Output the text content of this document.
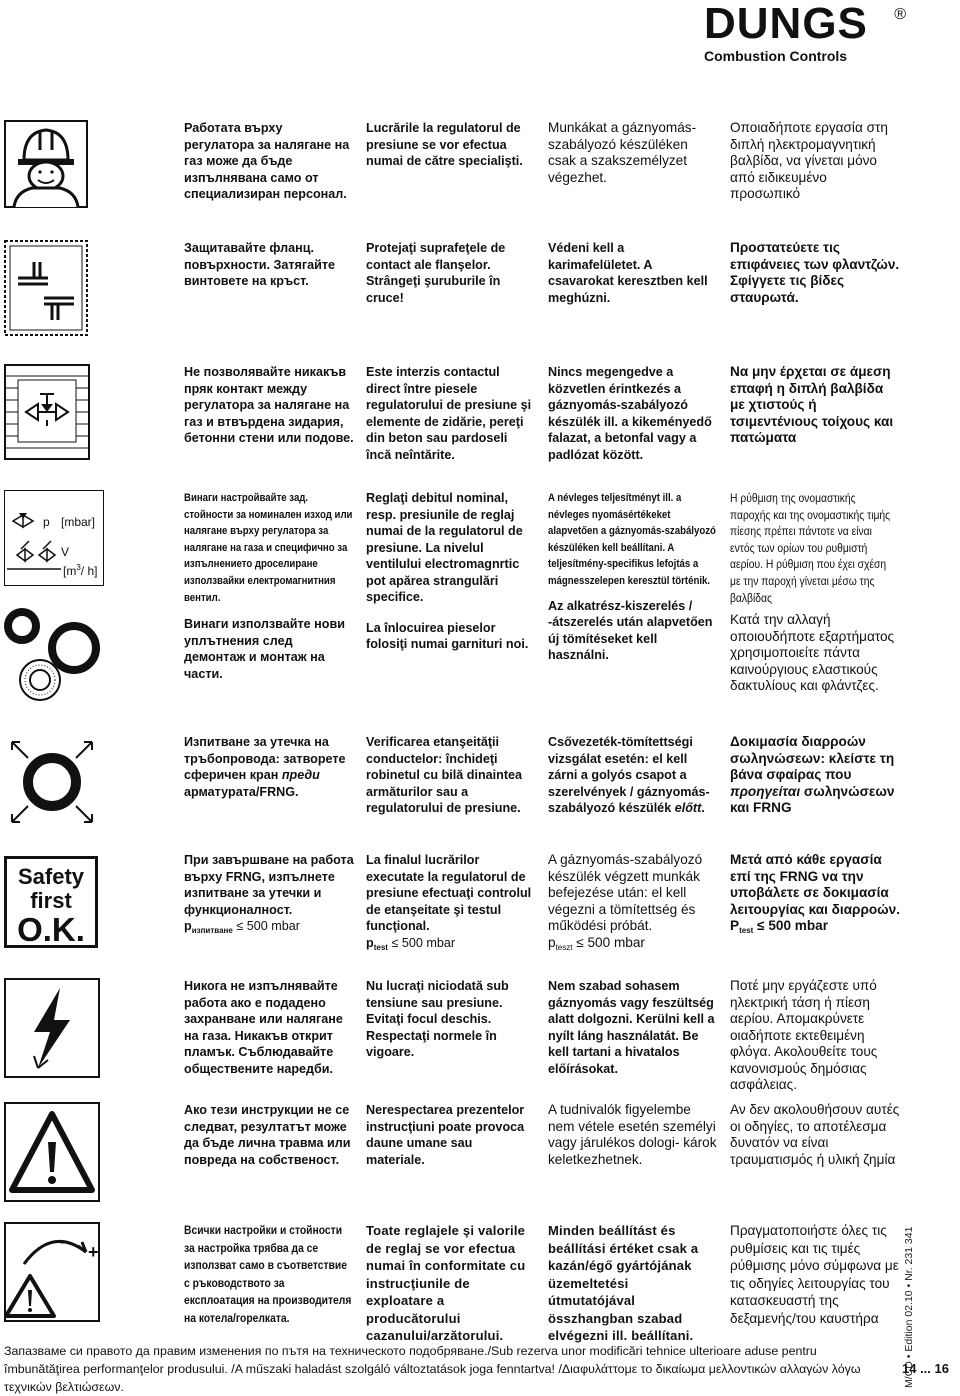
DUNGS	®
Combustion Controls

Работата върху регулатора за налягане на газ може да бъде изпълнявана само от специализиран персонал.

Lucrările la regulatorul de presiune se vor efectua numai de către specialişti.

Munkákat a gáznyomás-szabályozó készüléken csak a szakszemélyzet végezhet.

Οποιαδήποτε εργασία στη διπλή ηλεκτρομαγνητική βαλβίδα, να γίνεται μόνο από ειδικευμένο προσωπικό

Защитавайте фланц. повърхности. Затягайте винтовете на кръст.

Protejaţi suprafeţele de contact ale flanşelor. Strângeţi şuruburile în cruce!

Védeni kell a karimafelületet. A csavarokat keresztben kell meghúzni.

Προστατεύετε τις επιφάνειες των φλαντζών. Σφίγγετε τις βίδες σταυρωτά.

Не позволявайте никакъв пряк контакт между регулатора за налягане на газ и втвърдена зидария, бетонни стени или подове.

Este interzis contactul direct între piesele regulatorului de presiune şi elemente de zidărie, pereţi din beton sau pardoseli încă neîntărite.

Nincs megengedve a közvetlen érintkezés a gáznyomás-szabályozó készülék ill. a kikeményedő falazat, a betonfal vagy a padlózat között.

Να μην έρχεται σε άμεση επαφή η διπλή βαλβίδα με χτιστούς ή τσιμεντένιους τοίχους και πατώματα

p [mbar]
V
[$m^3/$ h]

Винаги настройвайте зад. стойности за номинален изход или налягане върху регулатора за налягане на газа и специфично за изпълнението дроселиране използвайки електромагнитния вентил.

Винаги използвайте нови уплътнения след демонтаж и монтаж на части.

Reglaţi debitul nominal, resp. presiunile de reglaj numai de la regulatorul de presiune. La nivelul ventilului electromagnrtic pot apărea strangulări specifice.

La înlocuirea pieselor folosiţi numai garnituri noi.

A névleges teljesítményt ill. a névleges nyomásértékeket alapvetően a gáznyomás-szabályozó készüléken kell beállítani. A teljesítmény-specifikus lefojtás a mágnesszelepen keresztül történik.

Az alkatrész-kiszerelés / -átszerelés után alapvetően új tömítéseket kell használni.

Η ρύθμιση της ονομαστικής παροχής και της ονομαστικής τιμής πίεσης πρέπει πάντοτε να είναι εντός των ορίων του ρυθμιστή αερίου. Η ρύθμιση που έχει σχέση με την παροχή γίνεται μέσω της βαλβίδας

Κατά την αλλαγή οποιουδήποτε εξαρτήματος χρησιμοποιείτε πάντα καινούργιους ελαστικούς δακτυλίους και φλάντζες.

Изпитване за утечка на тръбопровода: затворете сферичен кран преди арматурата/FRNG.

Verificarea etanşeităţii conductelor: închideţi robinetul cu bilă dinaintea armăturilor sau a regulatorului de presiune.

Csővezeték-tömítettségi vizsgálat esetén: el kell zárni a golyós csapot a szerelvények / gáznyomás-szabályozó készülék előtt.

Δοκιμασία διαρροών σωληνώσεων: κλείστε τη βάνα σφαίρας που προηγείται σωληνώσεων και FRNG

Safety
first
O.K.

При завършване на работа върху FRNG, изпълнете изпитване за утечки и функционалност.

$p_{изпитване} \le 500$ mbar

La finalul lucrărilor executate la regulatorul de presiune efectuaţi controlul de etanşeitate şi testul funcţional.

$p_{test} \le 500$ mbar

A gáznyomás-szabályozó készülék végzett munkák befejezése után: el kell végezni a tömítettség és működési próbát.

$p_{teszt} \le 500$ mbar

Μετά από κάθε εργασία επί της FRNG να την υποβάλετε σε δοκιμασία λειτουργίας και διαρροών.

$P_{test} \le 500$ mbar

Никога не изпълнявайте работа ако е подадено захранване или налягане на газа. Никакъв открит пламък. Съблюдавайте обществените наредби.

Nu lucraţi niciodată sub tensiune sau presiune. Evitaţi focul deschis. Respectaţi normele în vigoare.

Nem szabad sohasem gáznyomás vagy feszültség alatt dolgozni. Kerülni kell a nyílt láng használatát. Be kell tartani a hivatalos előírásokat.

Ποτέ μην εργάζεστε υπό ηλεκτρική τάση ή πίεση αερίου. Απομακρύνετε οιαδήποτε εκτεθειμένη φλόγα. Ακολουθείτε τους κανονισμούς δημόσιας ασφάλειας.

Ако тези инструкции не се следват, резултатът може да бъде лична травма или повреда на собственост.

Nerespectarea prezentelor instrucţiuni poate provoca daune umane sau materiale.

A tudnivalók figyelembe nem vétele esetén személyi vagy járulékos dologi- károk keletkezhetnek.

Αν δεν ακολουθήσουν αυτές οι οδηγίες, το αποτέλεσμα δυνατόν να είναι τραυματισμός ή υλική ζημία

– +

Всички настройки и стойности за настройка трябва да се използват само в съответствие с ръководството за експлоатация на производителя на котела/горелката.

Toate reglajele şi valorile de reglaj se vor efectua numai în conformitate cu instrucţiunile de exploatare a producătorului cazanului/arzătorului.

Minden beállítást és beállítási értéket csak a kazán/égő gyártójának üzemeltetési útmutatójával összhangban szabad elvégezni ill. beállítani.

Πραγματοποιήστε όλες τις ρυθμίσεις και τις τιμές ρύθμισης μόνο σύμφωνα με τις οδηγίες λειτουργίας του κατασκευαστή της δεξαμενής/του καυστήρα

Запазваме си правото да правим изменения по пътя на техническото подобряване./Sub rezerva unor modificări tehnice ulterioare aduse pentru îmbunătăţirea performanţelor produsului. /A műszaki haladást szolgáló változtatások joga fenntartva! /Διαφυλάττομε το δικαίωμα μελλοντικών αλλαγών λόγω τεχνικών βελτιώσεων.	M/CD • Edition 02.10 • Nr. 231 341
14 ... 16
